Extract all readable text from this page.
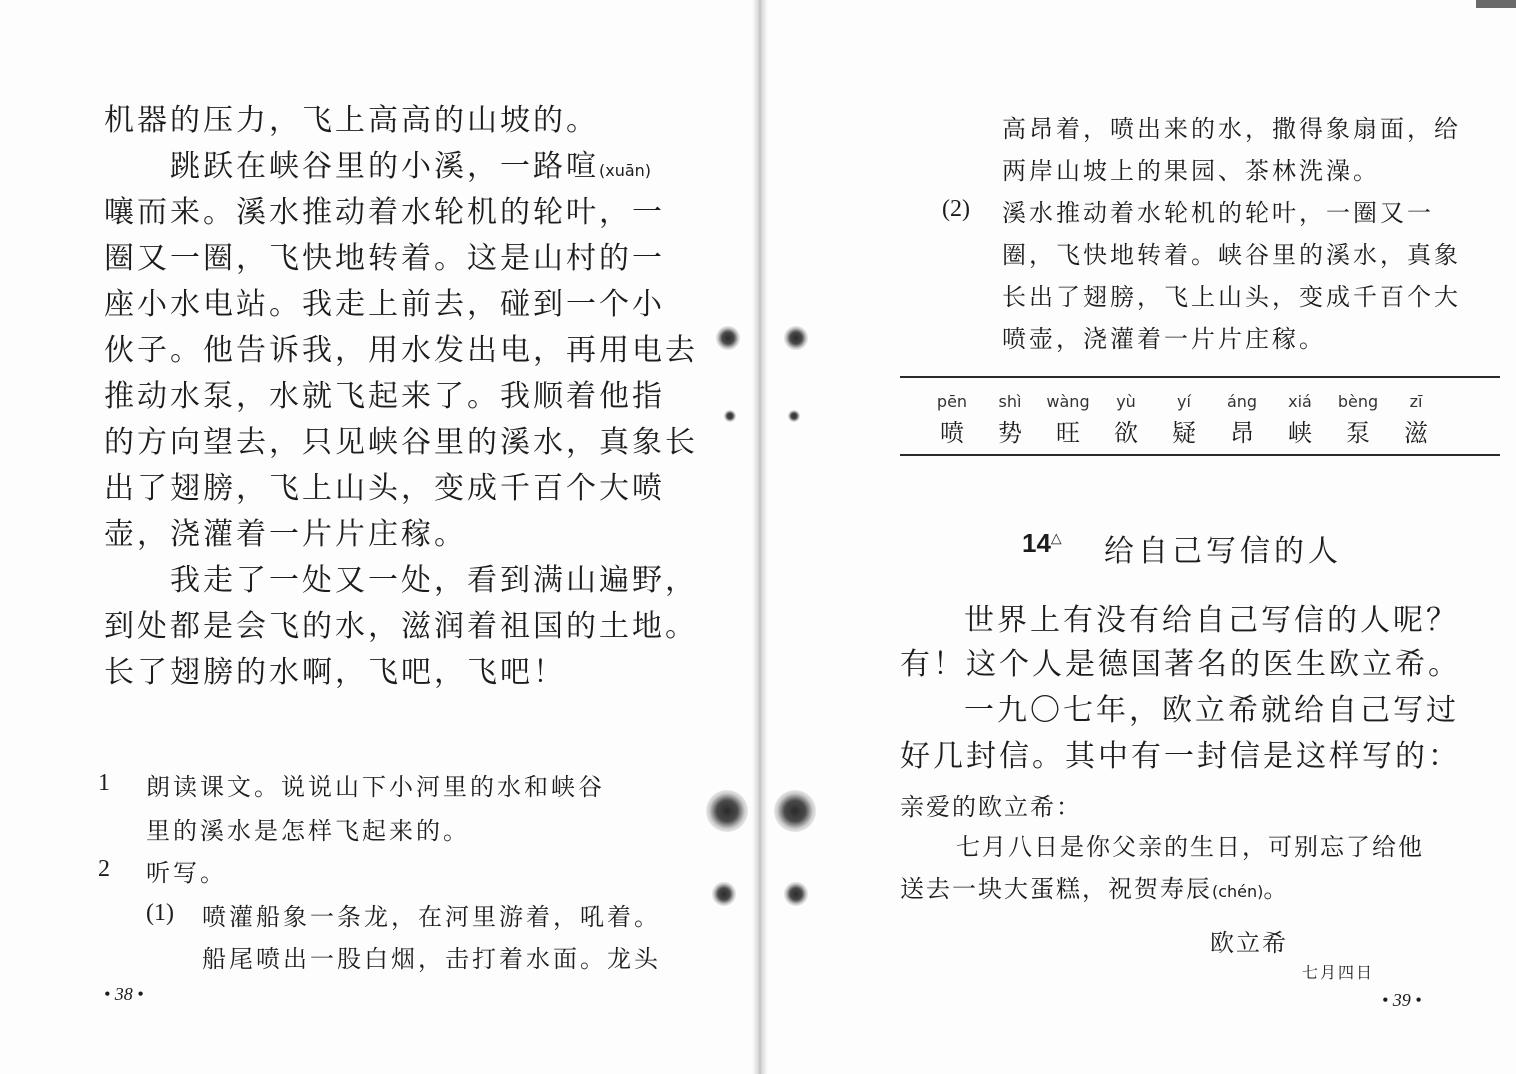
机器的压力，飞上高高的山坡的。
跳跃在峡谷里的小溪，一路喧(xuān)
嚷而来。溪水推动着水轮机的轮叶，一
圈又一圈，飞快地转着。这是山村的一
座小水电站。我走上前去，碰到一个小
伙子。他告诉我，用水发出电，再用电去
推动水泵，水就飞起来了。我顺着他指
的方向望去，只见峡谷里的溪水，真象长
出了翅膀，飞上山头，变成千百个大喷
壶，浇灌着一片片庄稼。
我走了一处又一处，看到满山遍野，
到处都是会飞的水，滋润着祖国的土地。
长了翅膀的水啊，飞吧，飞吧！
1 朗读课文。说说山下小河里的水和峡谷
里的溪水是怎样飞起来的。
2 听写。
(1) 喷灌船象一条龙，在河里游着，吼着。
船尾喷出一股白烟，击打着水面。龙头
• 38 •
高昂着，喷出来的水，撒得象扇面，给
两岸山坡上的果园、茶林洗澡。
(2) 溪水推动着水轮机的轮叶，一圈又一
圈，飞快地转着。峡谷里的溪水，真象
长出了翅膀，飞上山头，变成千百个大
喷壶，浇灌着一片片庄稼。
pēn
喷
shì
势
wàng
旺
yù
欲
yí
疑
áng
昂
xiá
峡
bèng
泵
zī
滋
14△ 给自己写信的人
世界上有没有给自己写信的人呢？
有！这个人是德国著名的医生欧立希。
一九〇七年，欧立希就给自己写过
好几封信。其中有一封信是这样写的：
亲爱的欧立希：
七月八日是你父亲的生日，可别忘了给他
送去一块大蛋糕，祝贺寿辰(chén)。
欧立希
七月四日
• 39 •
